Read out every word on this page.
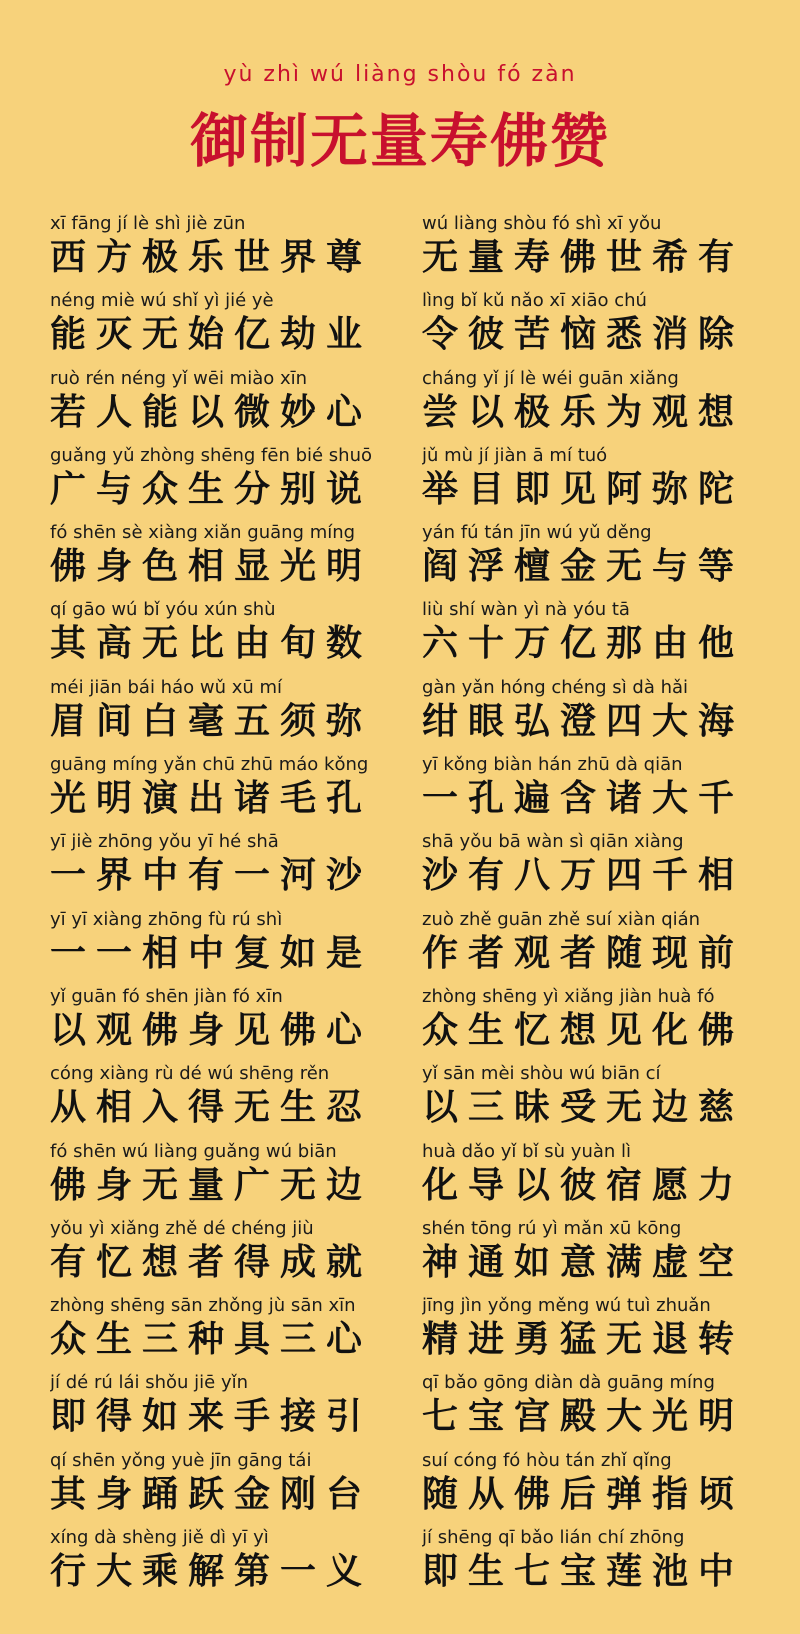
yù zhì wú liàng shòu fó zàn
御制无量寿佛赞
xī fāng jí lè shì jiè zūn
西方极乐世界尊
wú liàng shòu fó shì xī yǒu
无量寿佛世希有
néng miè wú shǐ yì jié yè
能灭无始亿劫业
lìng bǐ kǔ nǎo xī xiāo chú
令彼苦恼悉消除
ruò rén néng yǐ wēi miào xīn
若人能以微妙心
cháng yǐ jí lè wéi guān xiǎng
尝以极乐为观想
guǎng yǔ zhòng shēng fēn bié shuō
广与众生分别说
jǔ mù jí jiàn ā mí tuó
举目即见阿弥陀
fó shēn sè xiàng xiǎn guāng míng
佛身色相显光明
yán fú tán jīn wú yǔ děng
阎浮檀金无与等
qí gāo wú bǐ yóu xún shù
其高无比由旬数
liù shí wàn yì nà yóu tā
六十万亿那由他
méi jiān bái háo wǔ xū mí
眉间白毫五须弥
gàn yǎn hóng chéng sì dà hǎi
绀眼弘澄四大海
guāng míng yǎn chū zhū máo kǒng
光明演出诸毛孔
yī kǒng biàn hán zhū dà qiān
一孔遍含诸大千
yī jiè zhōng yǒu yī hé shā
一界中有一河沙
shā yǒu bā wàn sì qiān xiàng
沙有八万四千相
yī yī xiàng zhōng fù rú shì
一一相中复如是
zuò zhě guān zhě suí xiàn qián
作者观者随现前
yǐ guān fó shēn jiàn fó xīn
以观佛身见佛心
zhòng shēng yì xiǎng jiàn huà fó
众生忆想见化佛
cóng xiàng rù dé wú shēng rěn
从相入得无生忍
yǐ sān mèi shòu wú biān cí
以三昧受无边慈
fó shēn wú liàng guǎng wú biān
佛身无量广无边
huà dǎo yǐ bǐ sù yuàn lì
化导以彼宿愿力
yǒu yì xiǎng zhě dé chéng jiù
有忆想者得成就
shén tōng rú yì mǎn xū kōng
神通如意满虚空
zhòng shēng sān zhǒng jù sān xīn
众生三种具三心
jīng jìn yǒng měng wú tuì zhuǎn
精进勇猛无退转
jí dé rú lái shǒu jiē yǐn
即得如来手接引
qī bǎo gōng diàn dà guāng míng
七宝宫殿大光明
qí shēn yǒng yuè jīn gāng tái
其身踊跃金刚台
suí cóng fó hòu tán zhǐ qǐng
随从佛后弹指顷
xíng dà shèng jiě dì yī yì
行大乘解第一义
jí shēng qī bǎo lián chí zhōng
即生七宝莲池中
